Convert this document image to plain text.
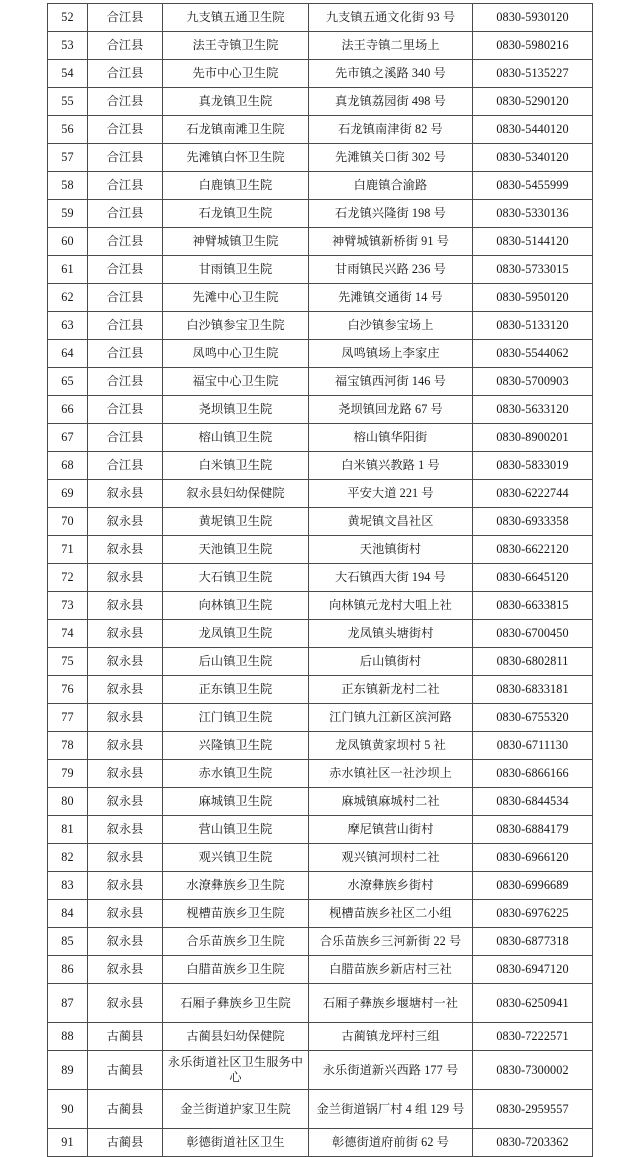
52	合江县	九支镇五通卫生院	九支镇五通文化街 93 号	0830-5930120
53	合江县	法王寺镇卫生院	法王寺镇二里场上	0830-5980216
54	合江县	先市中心卫生院	先市镇之溪路 340 号	0830-5135227
55	合江县	真龙镇卫生院	真龙镇荔园街 498 号	0830-5290120
56	合江县	石龙镇南滩卫生院	石龙镇南津街 82 号	0830-5440120
57	合江县	先滩镇白怀卫生院	先滩镇关口街 302 号	0830-5340120
58	合江县	白鹿镇卫生院	白鹿镇合渝路	0830-5455999
59	合江县	石龙镇卫生院	石龙镇兴隆街 198 号	0830-5330136
60	合江县	神臂城镇卫生院	神臂城镇新桥街 91 号	0830-5144120
61	合江县	甘雨镇卫生院	甘雨镇民兴路 236 号	0830-5733015
62	合江县	先滩中心卫生院	先滩镇交通街 14 号	0830-5950120
63	合江县	白沙镇参宝卫生院	白沙镇参宝场上	0830-5133120
64	合江县	凤鸣中心卫生院	凤鸣镇场上李家庄	0830-5544062
65	合江县	福宝中心卫生院	福宝镇西河街 146 号	0830-5700903
66	合江县	尧坝镇卫生院	尧坝镇回龙路 67 号	0830-5633120
67	合江县	榕山镇卫生院	榕山镇华阳街	0830-8900201
68	合江县	白米镇卫生院	白米镇兴教路 1 号	0830-5833019
69	叙永县	叙永县妇幼保健院	平安大道 221 号	0830-6222744
70	叙永县	黄坭镇卫生院	黄坭镇文昌社区	0830-6933358
71	叙永县	天池镇卫生院	天池镇街村	0830-6622120
72	叙永县	大石镇卫生院	大石镇西大街 194 号	0830-6645120
73	叙永县	向林镇卫生院	向林镇元龙村大咀上社	0830-6633815
74	叙永县	龙凤镇卫生院	龙凤镇头塘街村	0830-6700450
75	叙永县	后山镇卫生院	后山镇街村	0830-6802811
76	叙永县	正东镇卫生院	正东镇新龙村二社	0830-6833181
77	叙永县	江门镇卫生院	江门镇九江新区滨河路	0830-6755320
78	叙永县	兴隆镇卫生院	龙凤镇黄家坝村 5 社	0830-6711130
79	叙永县	赤水镇卫生院	赤水镇社区一社沙坝上	0830-6866166
80	叙永县	麻城镇卫生院	麻城镇麻城村二社	0830-6844534
81	叙永县	营山镇卫生院	摩尼镇营山街村	0830-6884179
82	叙永县	观兴镇卫生院	观兴镇河坝村二社	0830-6966120
83	叙永县	水潦彝族乡卫生院	水潦彝族乡街村	0830-6996689
84	叙永县	枧槽苗族乡卫生院	枧槽苗族乡社区二小组	0830-6976225
85	叙永县	合乐苗族乡卫生院	合乐苗族乡三河新街 22 号	0830-6877318
86	叙永县	白腊苗族乡卫生院	白腊苗族乡新店村三社	0830-6947120
87	叙永县	石厢子彝族乡卫生院	石厢子彝族乡堰塘村一社	0830-6250941
88	古蔺县	古蔺县妇幼保健院	古蔺镇龙坪村三组	0830-7222571
89	古蔺县	永乐街道社区卫生服务中心	永乐街道新兴西路 177 号	0830-7300002
90	古蔺县	金兰街道护家卫生院	金兰街道锅厂村 4 组 129 号	0830-2959557
91	古蔺县	彰德街道社区卫生	彰德街道府前街 62 号	0830-7203362
